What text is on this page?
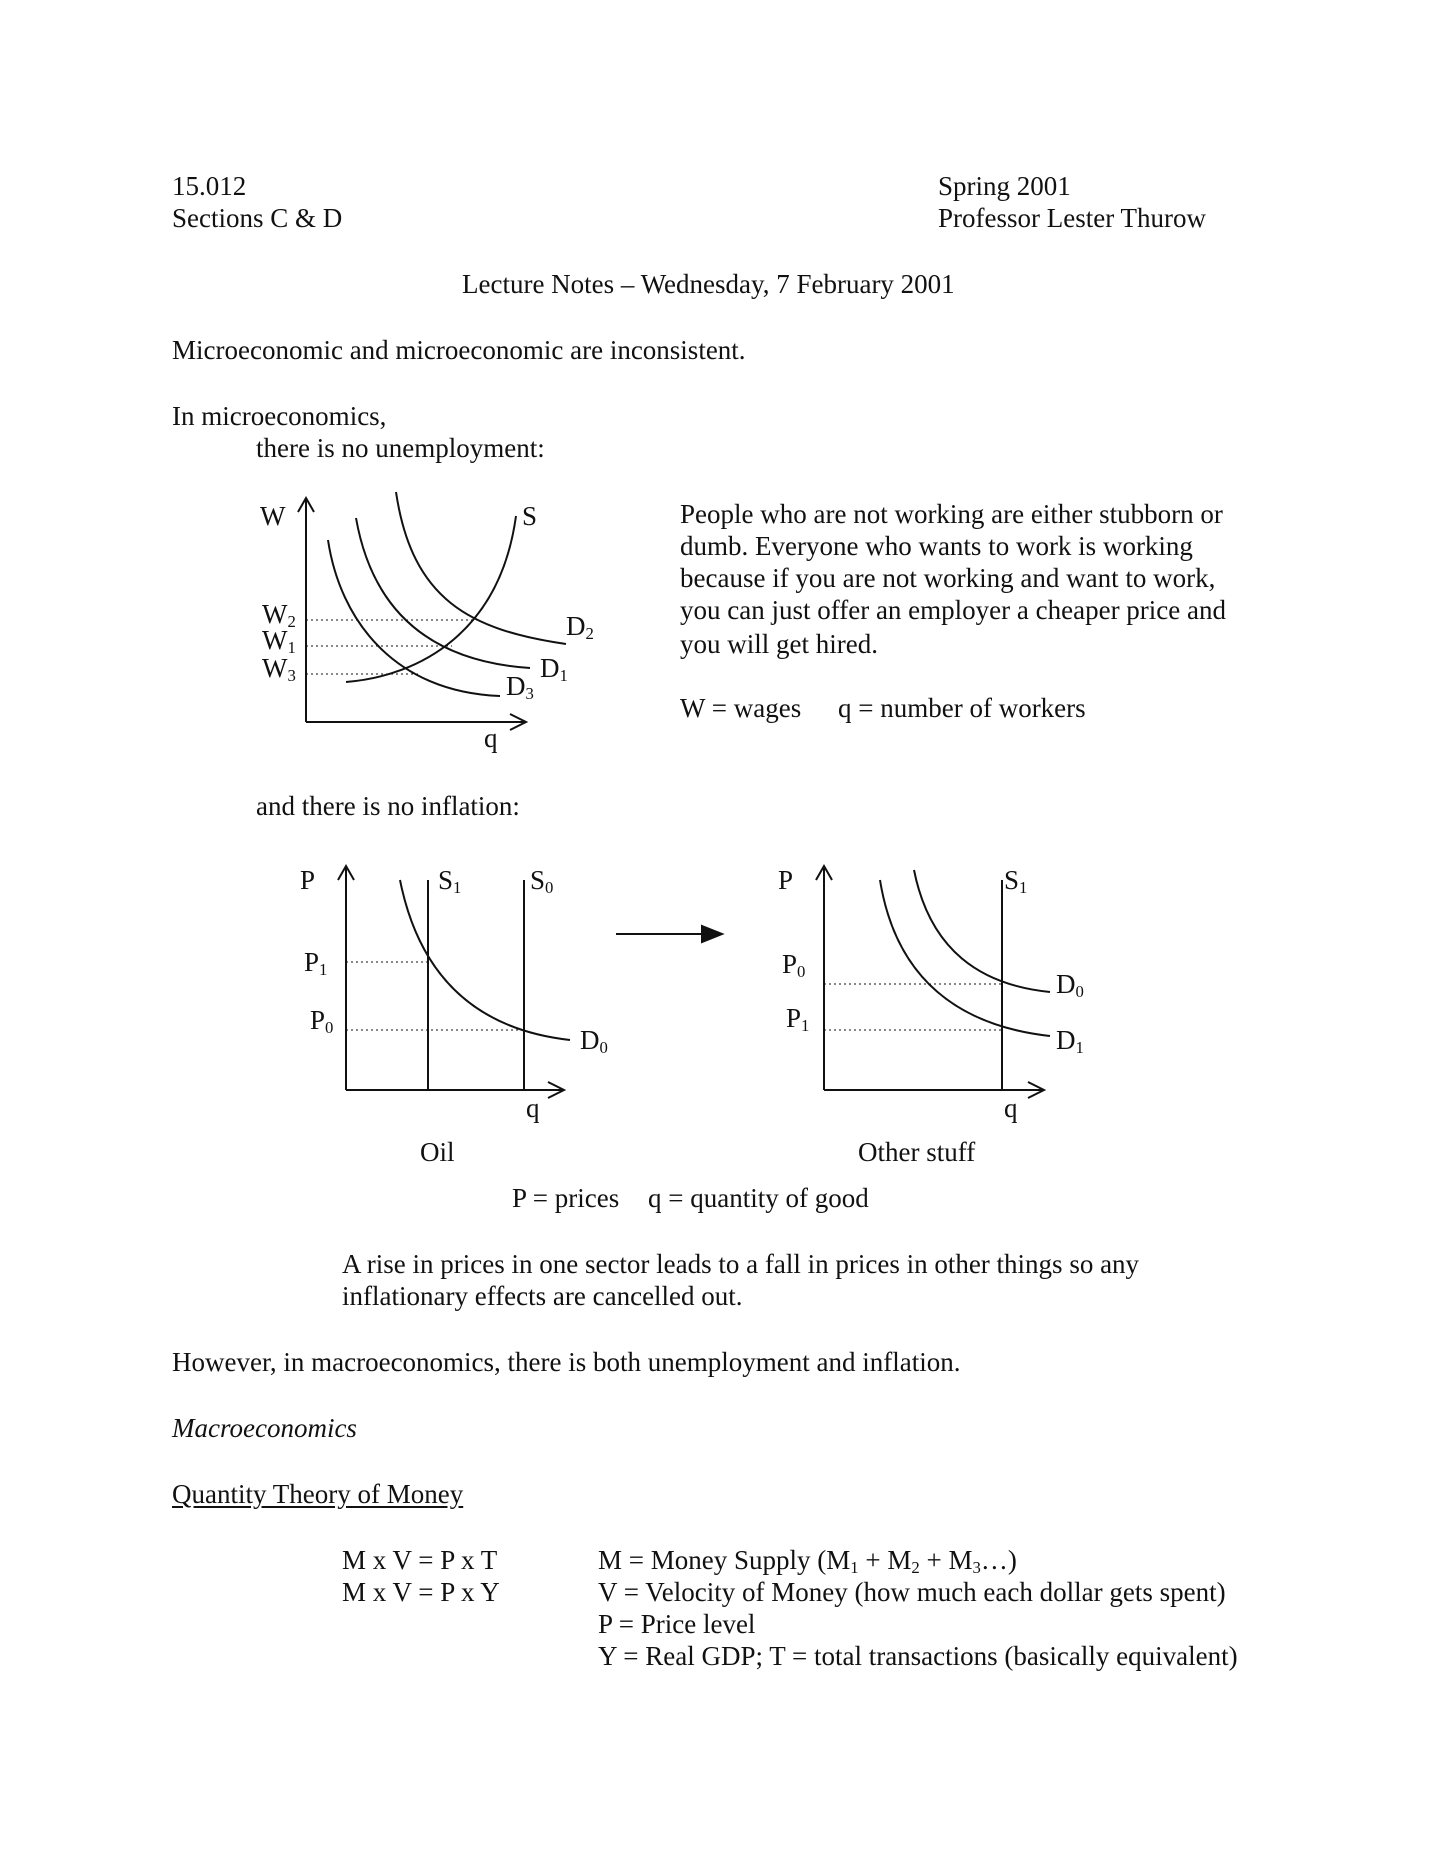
15.012
Sections C & D
Spring 2001
Professor Lester Thurow
Lecture Notes – Wednesday, 7 February 2001
Microeconomic and microeconomic are inconsistent.
In microeconomics,
there is no unemployment:
W	S
q
$W_2$
$W_1$
$W_3$
$D_2$
$D_1$
$D_3$
People who are not working are either stubborn or
dumb. Everyone who wants to work is working
because if you are not working and want to work,
you can just offer an employer a cheaper price and
you will get hired.
W = wages q = number of workers
and there is no inflation:
P	$S_1$	$S_0$
$P_1$
$P_0$	$D_0$
q
Oil
P	$S_1$
$P_0$
$P_1$
$D_0$
$D_1$
q
Other stuff
P = prices q = quantity of good
A rise in prices in one sector leads to a fall in prices in other things so any
inflationary effects are cancelled out.
However, in macroeconomics, there is both unemployment and inflation.
Macroeconomics
Quantity Theory of Money
M x V = P x T
M x V = P x Y
M = Money Supply ($M_1 + M_2$ + $M_3\dots$)
V = Velocity of Money (how much each dollar gets spent)
P = Price level
Y = Real GDP; T = total transactions (basically equivalent)
